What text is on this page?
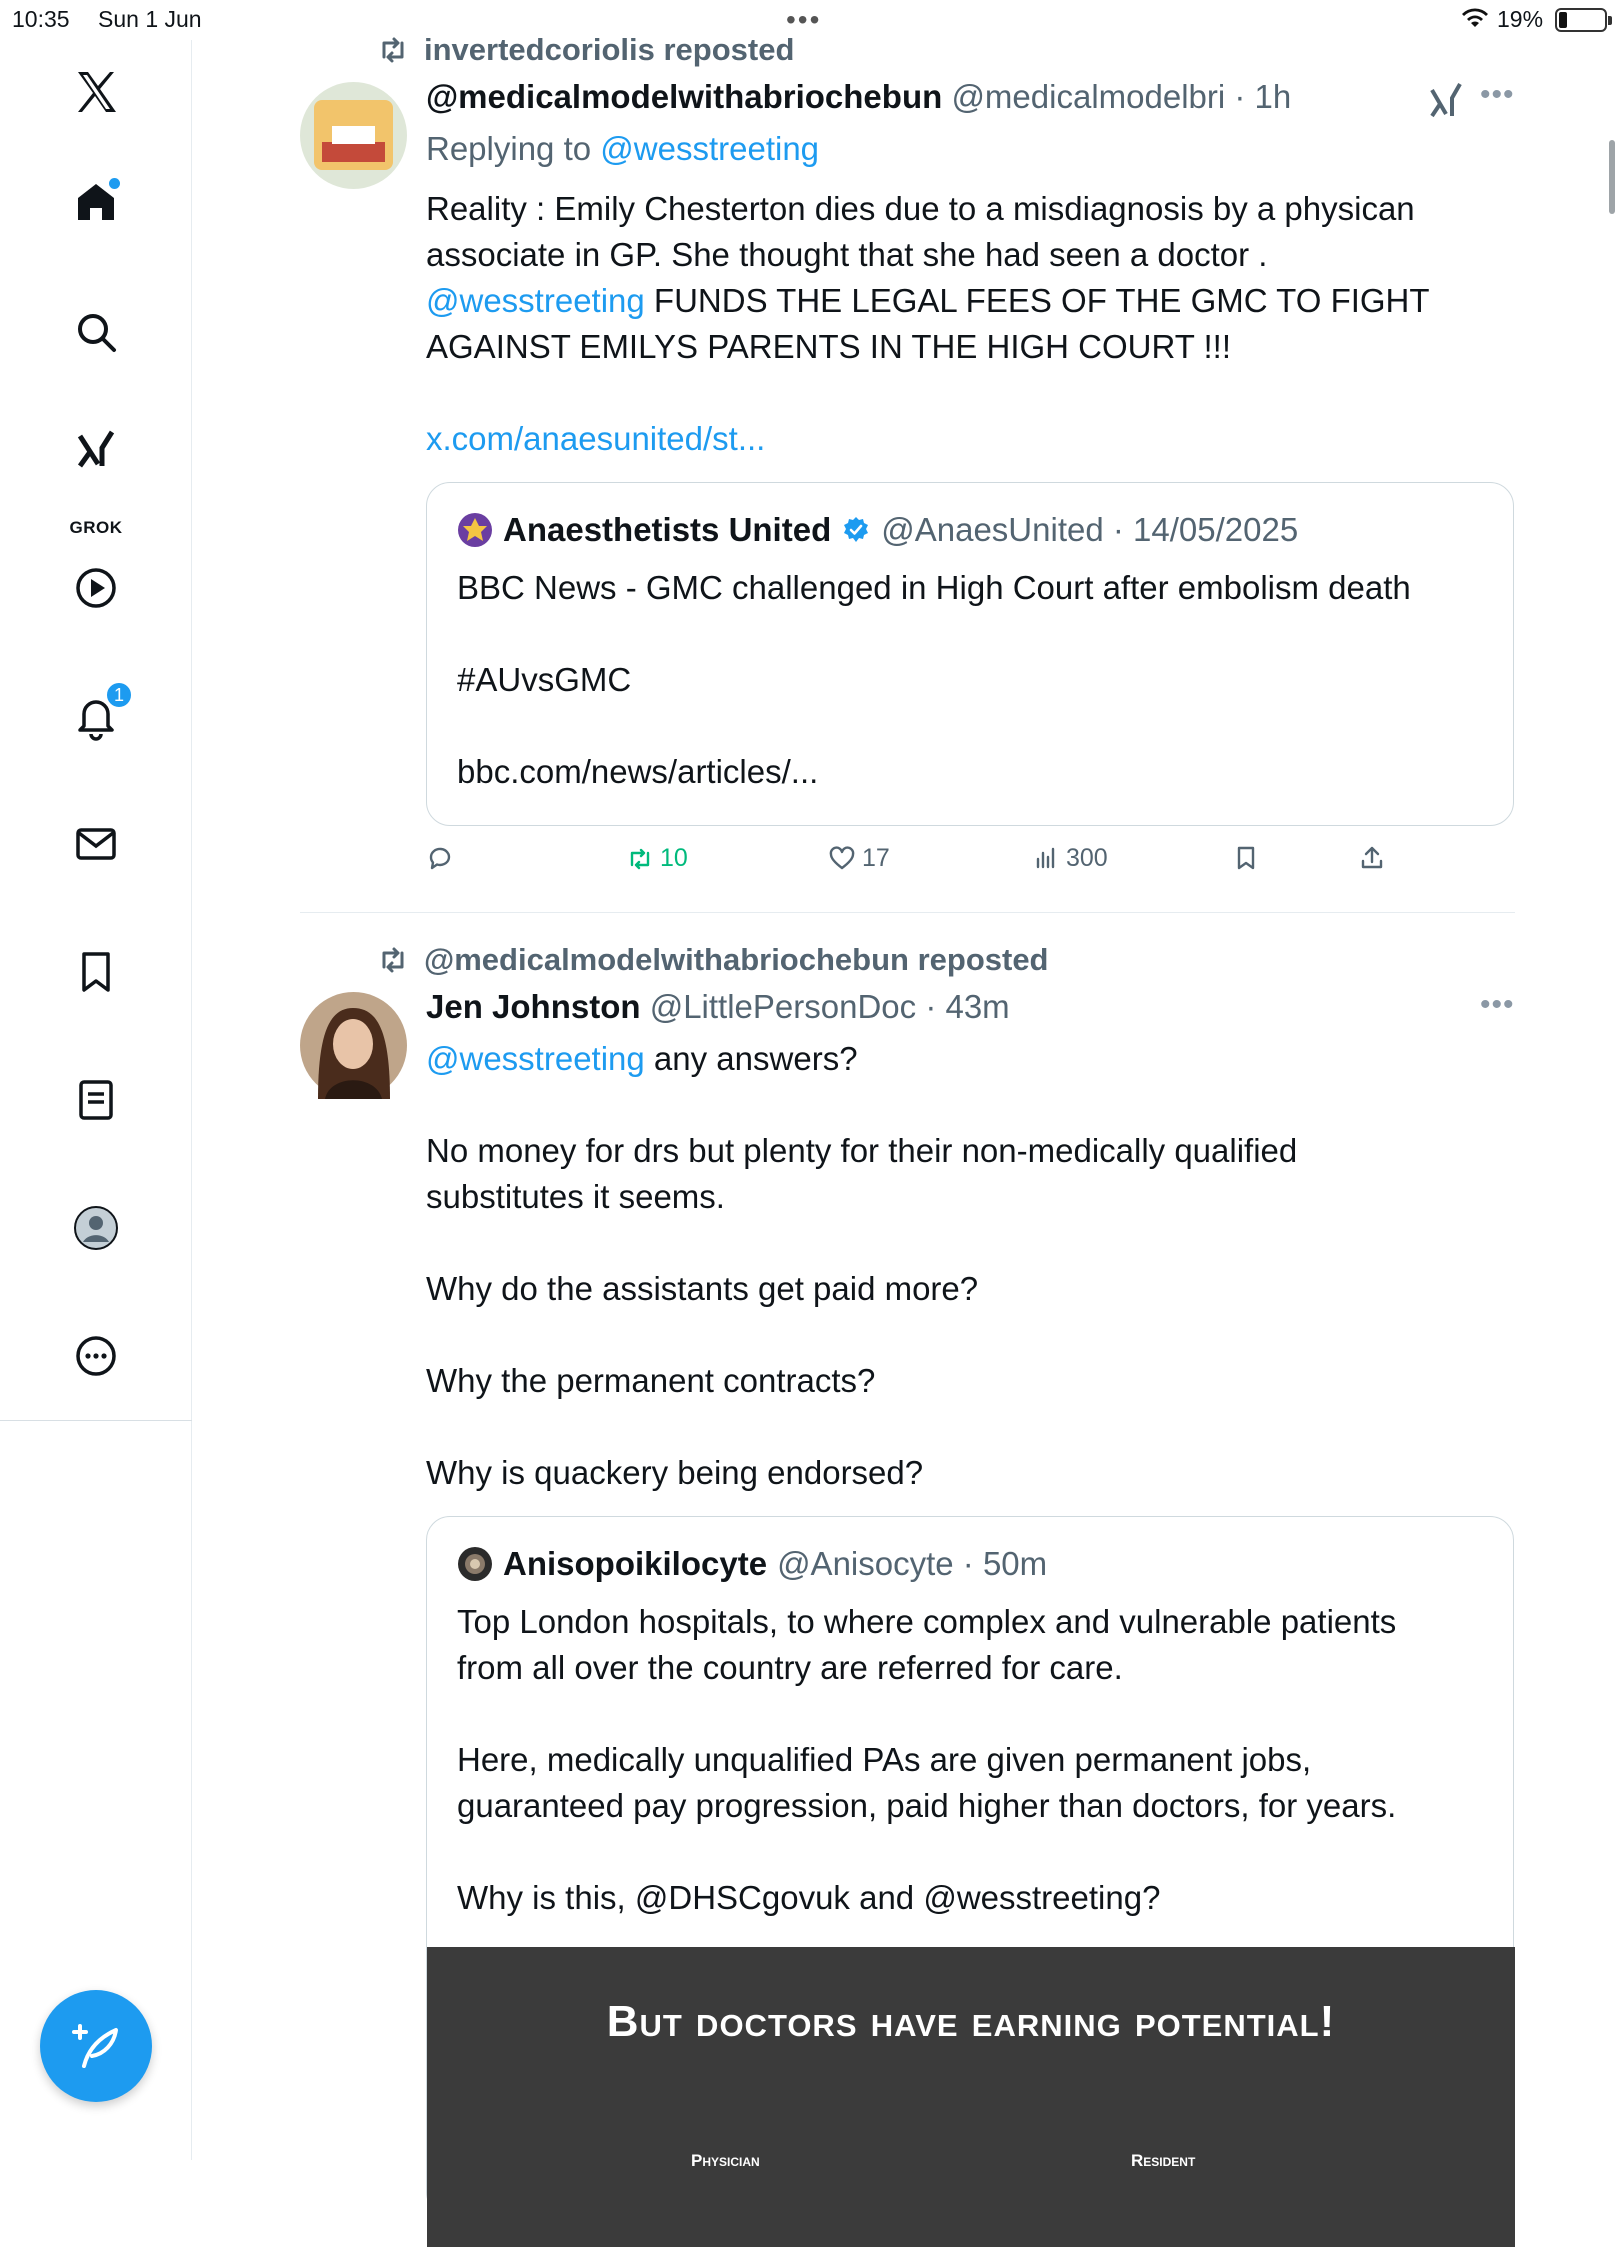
10:35 Sun 1 Jun	•••	19%
GROK
1
invertedcoriolis reposted
@medicalmodelwithabriochebun @medicalmodelbri · 1h	•••
Replying to @wesstreeting
Reality : Emily Chesterton dies due to a misdiagnosis by a physican
associate in GP. She thought that she had seen a doctor .
@wesstreeting FUNDS THE LEGAL FEES OF THE GMC TO FIGHT
AGAINST EMILYS PARENTS IN THE HIGH COURT !!!
x.com/anaesunited/st...
Anaesthetists United @AnaesUnited · 14/05/2025
BBC News - GMC challenged in High Court after embolism death

#AUvsGMC

bbc.com/news/articles/...
10	17	300
@medicalmodelwithabriochebun reposted
Jen Johnston @LittlePersonDoc · 43m	•••
@wesstreeting any answers?
No money for drs but plenty for their non-medically qualified
substitutes it seems.

Why do the assistants get paid more?

Why the permanent contracts?

Why is quackery being endorsed?
Anisopoikilocyte @Anisocyte · 50m
Top London hospitals, to where complex and vulnerable patients
from all over the country are referred for care.

Here, medically unqualified PAs are given permanent jobs,
guaranteed pay progression, paid higher than doctors, for years.

Why is this, @DHSCgovuk and @wesstreeting?
But doctors have earning potential!
Physician	Resident
